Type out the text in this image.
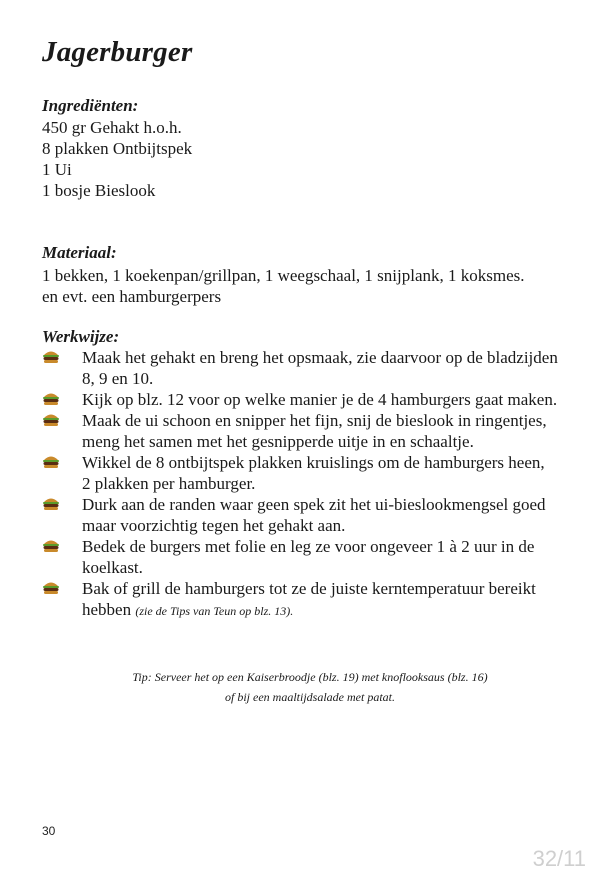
Jagerburger
Ingrediënten:
450 gr Gehakt h.o.h.
8 plakken Ontbijtspek
1 Ui
1 bosje Bieslook
Materiaal:
1 bekken, 1 koekenpan/grillpan, 1 weegschaal, 1 snijplank, 1 koksmes.
en evt. een hamburgerpers
Werkwijze:
Maak het gehakt en breng het opsmaak, zie daarvoor op de bladzijden
8, 9 en 10.
Kijk op blz. 12 voor op welke manier je de 4 hamburgers gaat maken.
Maak de ui schoon en snipper het fijn, snij de bieslook in ringentjes,
meng het samen met het gesnipperde uitje in en schaaltje.
Wikkel de 8 ontbijtspek plakken kruislings om de hamburgers heen,
2 plakken per hamburger.
Durk aan de randen waar geen spek zit het ui-bieslookmengsel goed
maar voorzichtig tegen het gehakt aan.
Bedek de burgers met folie en leg ze voor ongeveer 1 à 2 uur in de
koelkast.
Bak of grill de hamburgers tot ze de juiste kerntemperatuur bereikt
hebben (zie de Tips van Teun op blz. 13).
Tip: Serveer het op een Kaiserbroodje (blz. 19) met knoflooksaus (blz. 16)
of bij een maaltijdsalade met patat.
30
32/11
